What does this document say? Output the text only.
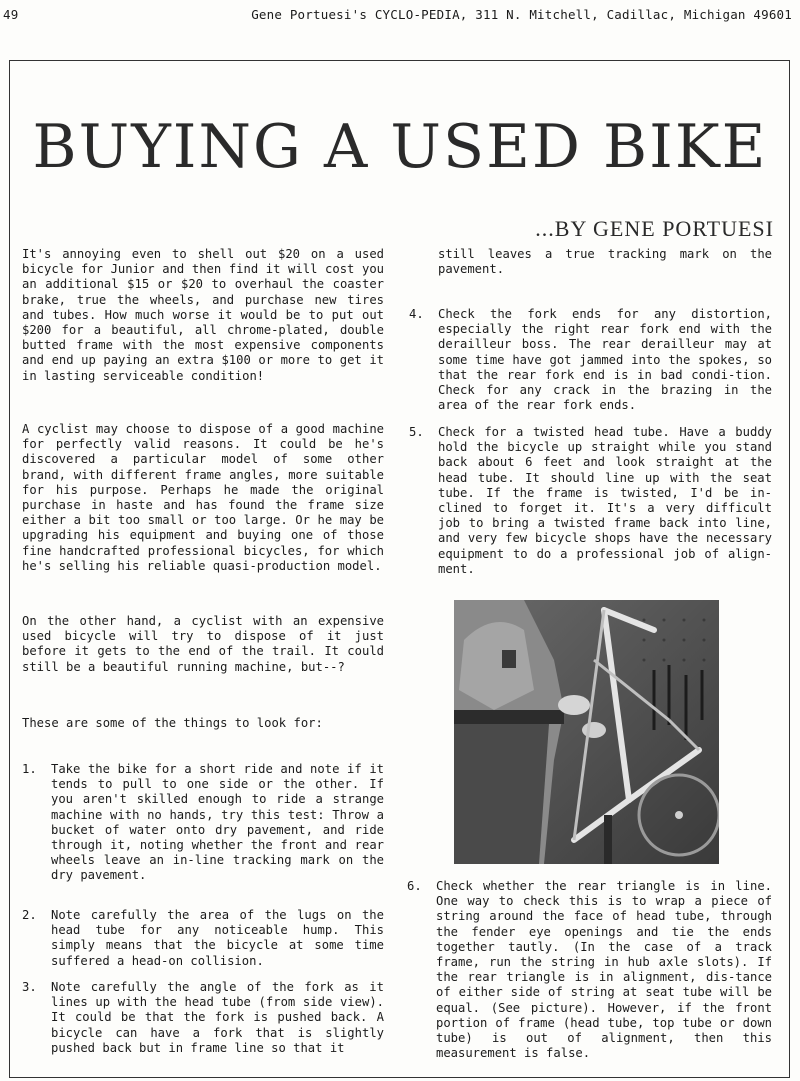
49	Gene Portuesi's CYCLO-PEDIA, 311 N. Mitchell, Cadillac, Michigan 49601
BUYING A USED BIKE
...BY GENE PORTUESI
It's annoying even to shell out $20 on a used bicycle for Junior and then find it will cost you an additional $15 or $20 to overhaul the coaster brake, true the wheels, and purchase new tires and tubes. How much worse it would be to put out $200 for a beautiful, all chrome-plated, double butted frame with the most expensive components and end up paying an extra $100 or more to get it in lasting serviceable condition!
A cyclist may choose to dispose of a good machine for perfectly valid reasons. It could be he's discovered a particular model of some other brand, with different frame angles, more suitable for his purpose. Perhaps he made the original purchase in haste and has found the frame size either a bit too small or too large. Or he may be upgrading his equipment and buying one of those fine handcrafted professional bicycles, for which he's selling his reliable quasi-production model.
On the other hand, a cyclist with an expensive used bicycle will try to dispose of it just before it gets to the end of the trail. It could still be a beautiful running machine, but--?
These are some of the things to look for:
1. Take the bike for a short ride and note if it tends to pull to one side or the other. If you aren't skilled enough to ride a strange machine with no hands, try this test: Throw a bucket of water onto dry pavement, and ride through it, noting whether the front and rear wheels leave an in-line tracking mark on the dry pavement.
2. Note carefully the area of the lugs on the head tube for any noticeable hump. This simply means that the bicycle at some time suffered a head-on collision.
3. Note carefully the angle of the fork as it lines up with the head tube (from side view). It could be that the fork is pushed back. A bicycle can have a fork that is slightly pushed back but in frame line so that it
still leaves a true tracking mark on the pavement.
4. Check the fork ends for any distortion, especially the right rear fork end with the derailleur boss. The rear derailleur may at some time have got jammed into the spokes, so that the rear fork end is in bad condi-tion. Check for any crack in the brazing in the area of the rear fork ends.
5. Check for a twisted head tube. Have a buddy hold the bicycle up straight while you stand back about 6 feet and look straight at the head tube. It should line up with the seat tube. If the frame is twisted, I'd be in-clined to forget it. It's a very difficult job to bring a twisted frame back into line, and very few bicycle shops have the necessary equipment to do a professional job of align-ment.
6. Check whether the rear triangle is in line. One way to check this is to wrap a piece of string around the face of head tube, through the fender eye openings and tie the ends together tautly. (In the case of a track frame, run the string in hub axle slots). If the rear triangle is in alignment, dis-tance of either side of string at seat tube will be equal. (See picture). However, if the front portion of frame (head tube, top tube or down tube) is out of alignment, then this measurement is false.
